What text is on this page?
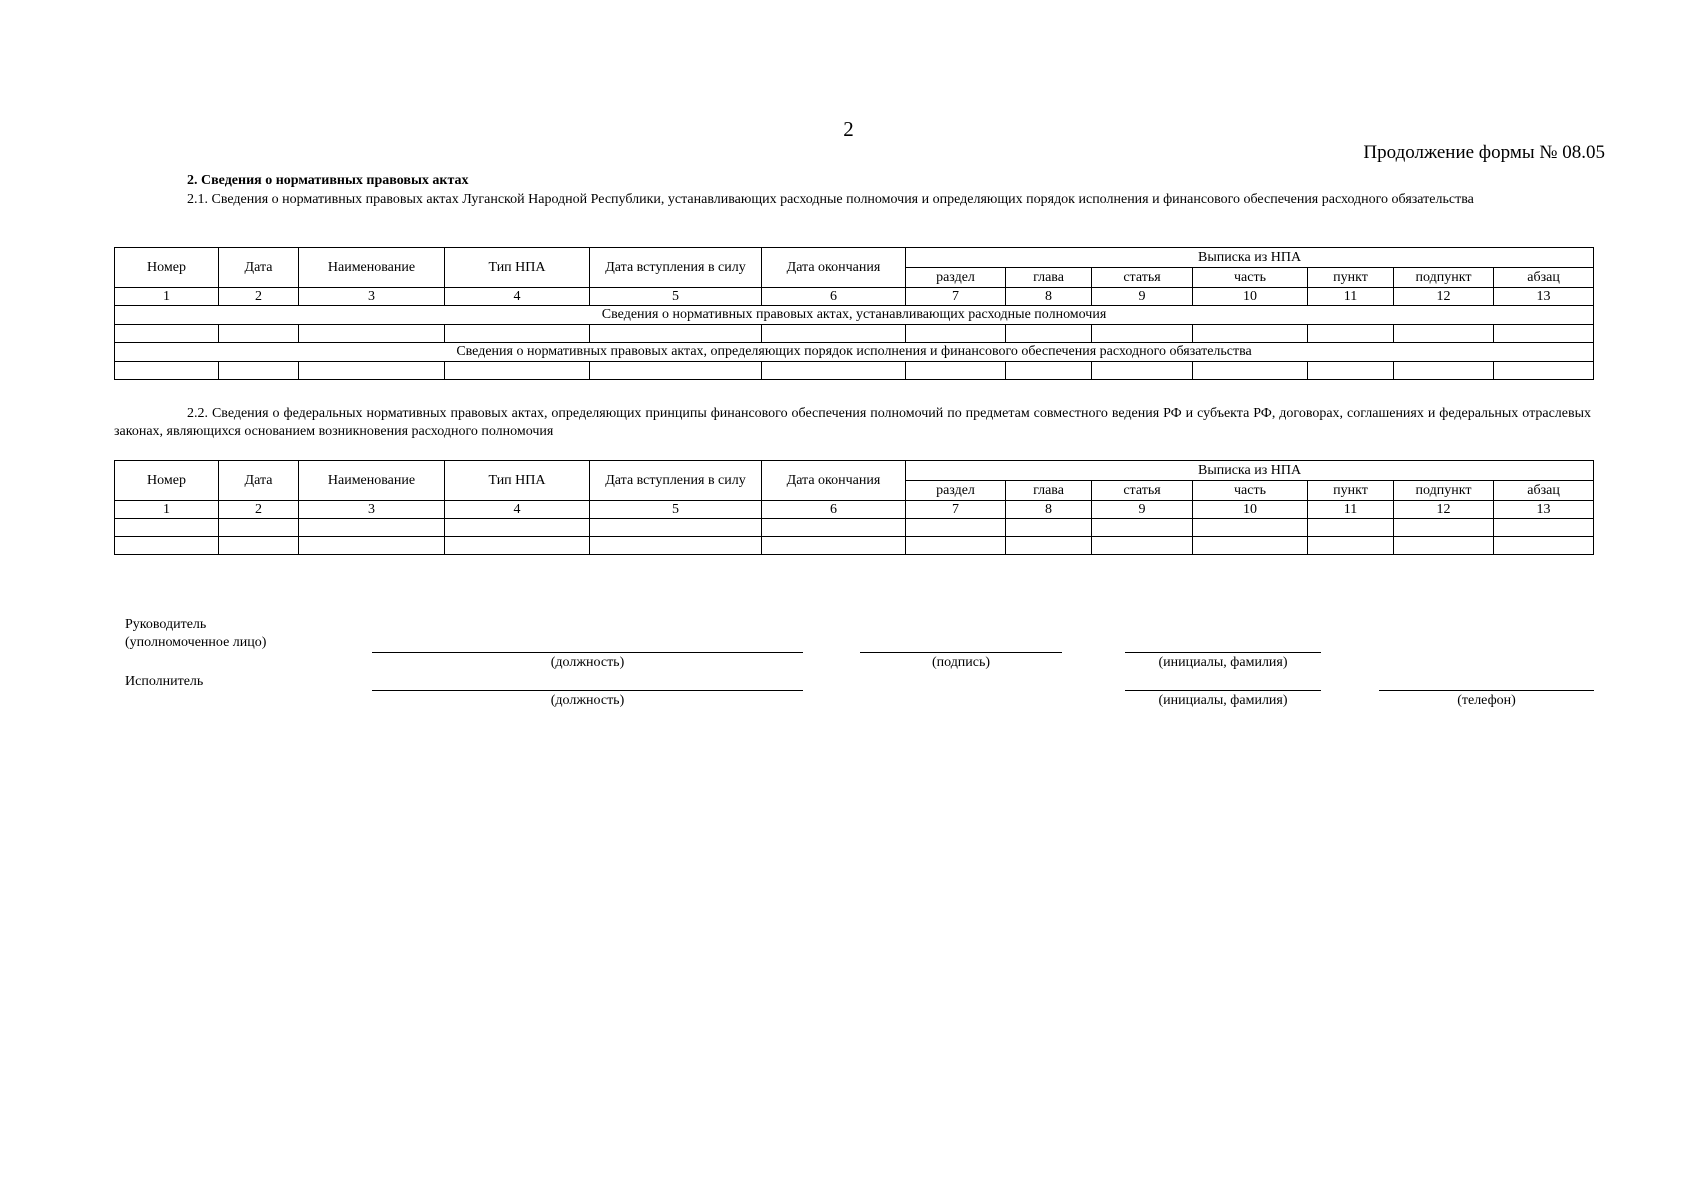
2
Продолжение формы № 08.05
2. Сведения о нормативных правовых актах
2.1. Сведения о нормативных правовых актах Луганской Народной Республики, устанавливающих расходные полномочия и определяющих порядок исполнения и финансового обеспечения расходного обязательства
Номер	Дата	Наименование	Тип НПА	Дата вступления в силу	Дата окончания	Выписка из НПА						
						раздел	глава	статья	часть	пункт	подпункт	абзац
1	2	3	4	5	6	7	8	9	10	11	12	13
Сведения о нормативных правовых актах, устанавливающих расходные полномочия												

Сведения о нормативных правовых актах, определяющих порядок исполнения и финансового обеспечения расходного обязательства												

2.2. Сведения о федеральных нормативных правовых актах, определяющих принципы финансового обеспечения полномочий по предметам совместного ведения РФ и субъекта РФ, договорах, соглашениях и федеральных отраслевых законах, являющихся основанием возникновения расходного полномочия
Номер	Дата	Наименование	Тип НПА	Дата вступления в силу	Дата окончания	Выписка из НПА						
						раздел	глава	статья	часть	пункт	подпункт	абзац
1	2	3	4	5	6	7	8	9	10	11	12	13

Руководитель
(уполномоченное лицо)
(должность)	(подпись)	(инициалы, фамилия)
Исполнитель
(должность)	(инициалы, фамилия)	(телефон)
